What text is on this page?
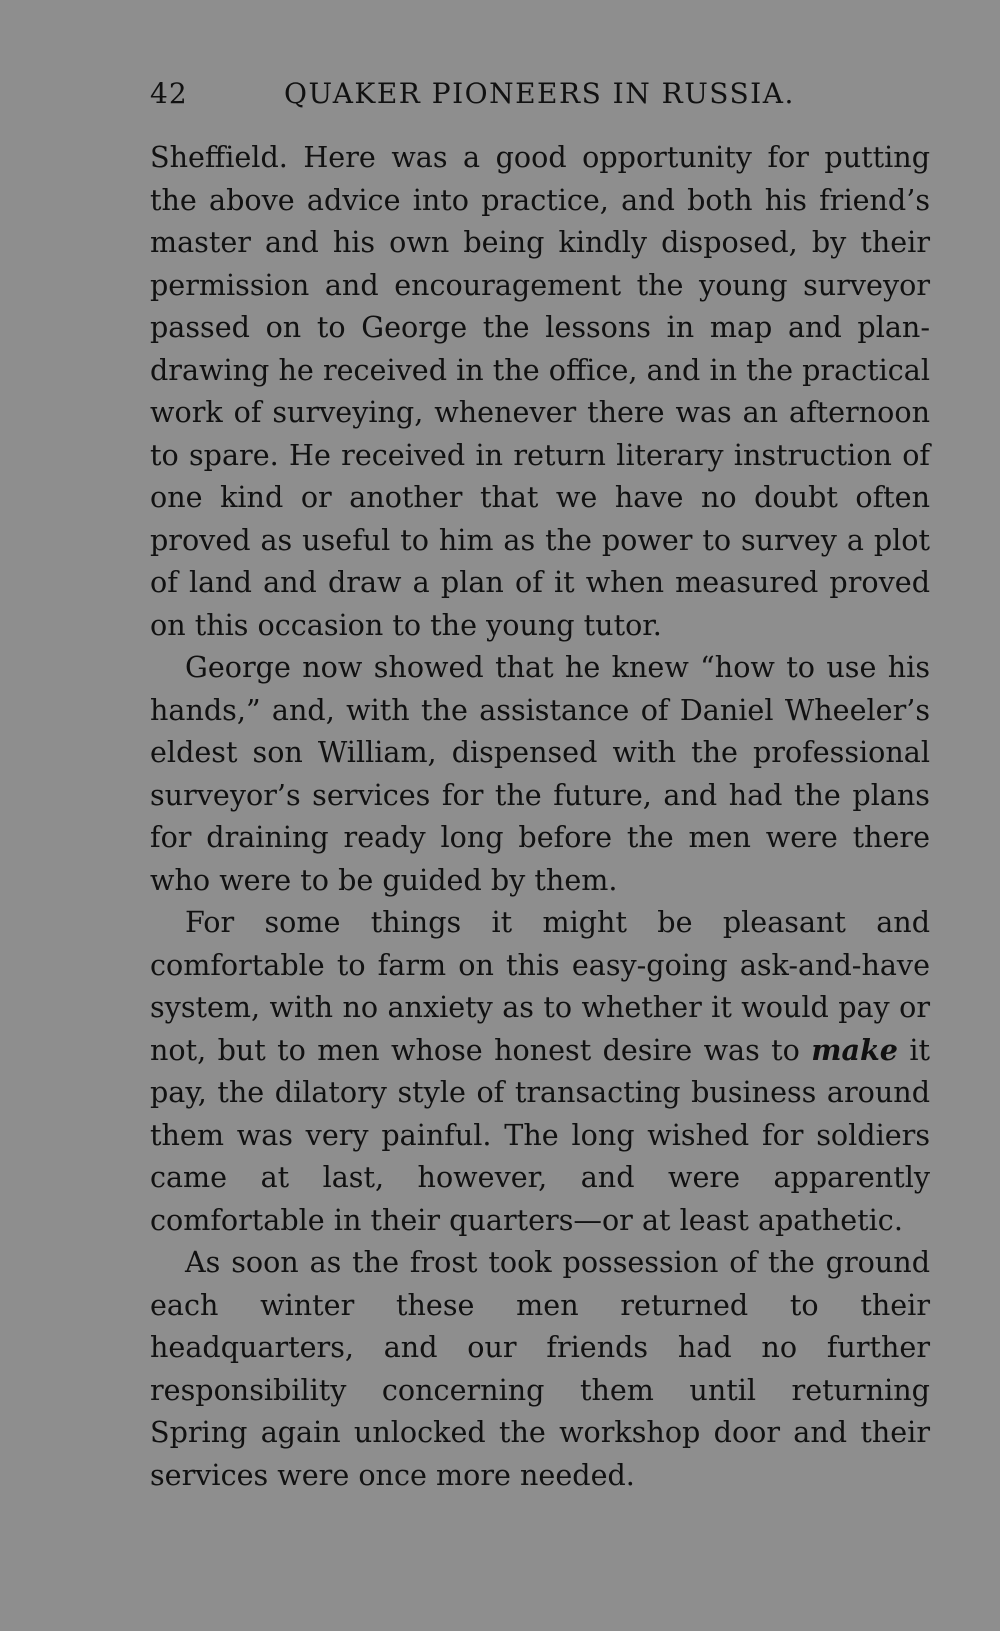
42	QUAKER PIONEERS IN RUSSIA.

Sheffield. Here was a good opportunity for putting the above advice into practice, and both his friend’s master and his own being kindly disposed, by their permission and encouragement the young surveyor passed on to George the lessons in map and plan-drawing he received in the office, and in the practical work of surveying, whenever there was an afternoon to spare. He received in return literary instruction of one kind or another that we have no doubt often proved as useful to him as the power to survey a plot of land and draw a plan of it when measured proved on this occasion to the young tutor.

George now showed that he knew “how to use his hands,” and, with the assistance of Daniel Wheeler’s eldest son William, dispensed with the professional surveyor’s services for the future, and had the plans for draining ready long before the men were there who were to be guided by them.

For some things it might be pleasant and comfortable to farm on this easy-going ask-and-have system, with no anxiety as to whether it would pay or not, but to men whose honest desire was to make it pay, the dilatory style of transacting business around them was very painful. The long wished for soldiers came at last, however, and were apparently comfortable in their quarters—or at least apathetic.

As soon as the frost took possession of the ground each winter these men returned to their headquarters, and our friends had no further responsibility concerning them until returning Spring again unlocked the workshop door and their services were once more needed.
